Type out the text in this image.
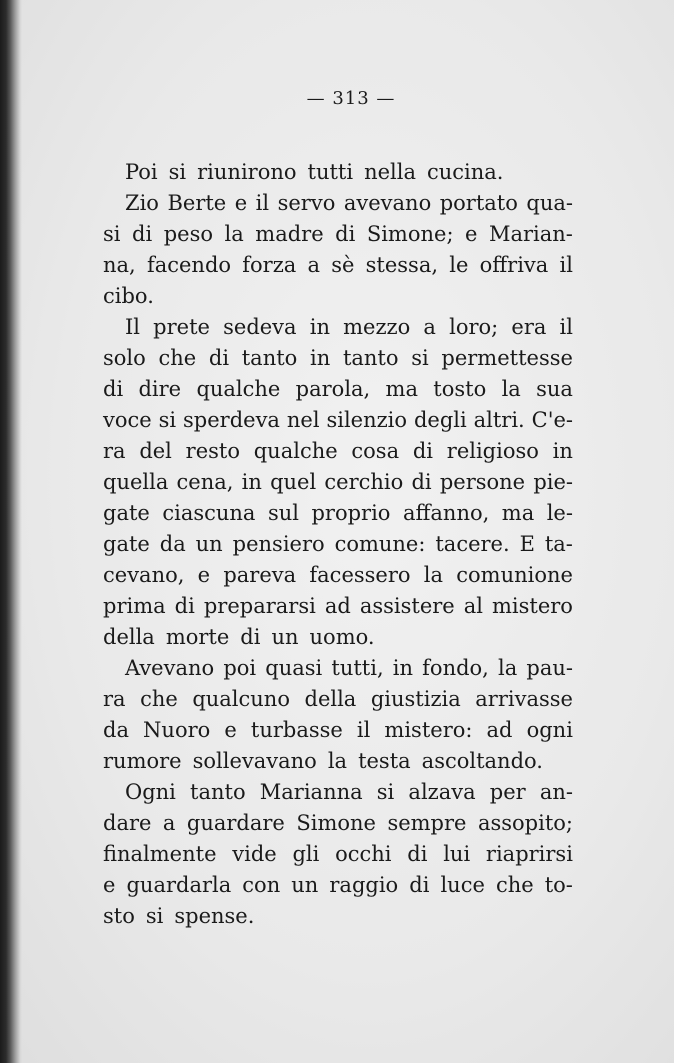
— 313 —
Poi si riunirono tutti nella cucina.
Zio Berte e il servo avevano portato qua-
si di peso la madre di Simone; e Marian-
na, facendo forza a sè stessa, le offriva il
cibo.
Il prete sedeva in mezzo a loro; era il
solo che di tanto in tanto si permettesse
di dire qualche parola, ma tosto la sua
voce si sperdeva nel silenzio degli altri. C'e-
ra del resto qualche cosa di religioso in
quella cena, in quel cerchio di persone pie-
gate ciascuna sul proprio affanno, ma le-
gate da un pensiero comune: tacere. E ta-
cevano, e pareva facessero la comunione
prima di prepararsi ad assistere al mistero
della morte di un uomo.
Avevano poi quasi tutti, in fondo, la pau-
ra che qualcuno della giustizia arrivasse
da Nuoro e turbasse il mistero: ad ogni
rumore sollevavano la testa ascoltando.
Ogni tanto Marianna si alzava per an-
dare a guardare Simone sempre assopito;
finalmente vide gli occhi di lui riaprirsi
e guardarla con un raggio di luce che to-
sto si spense.
